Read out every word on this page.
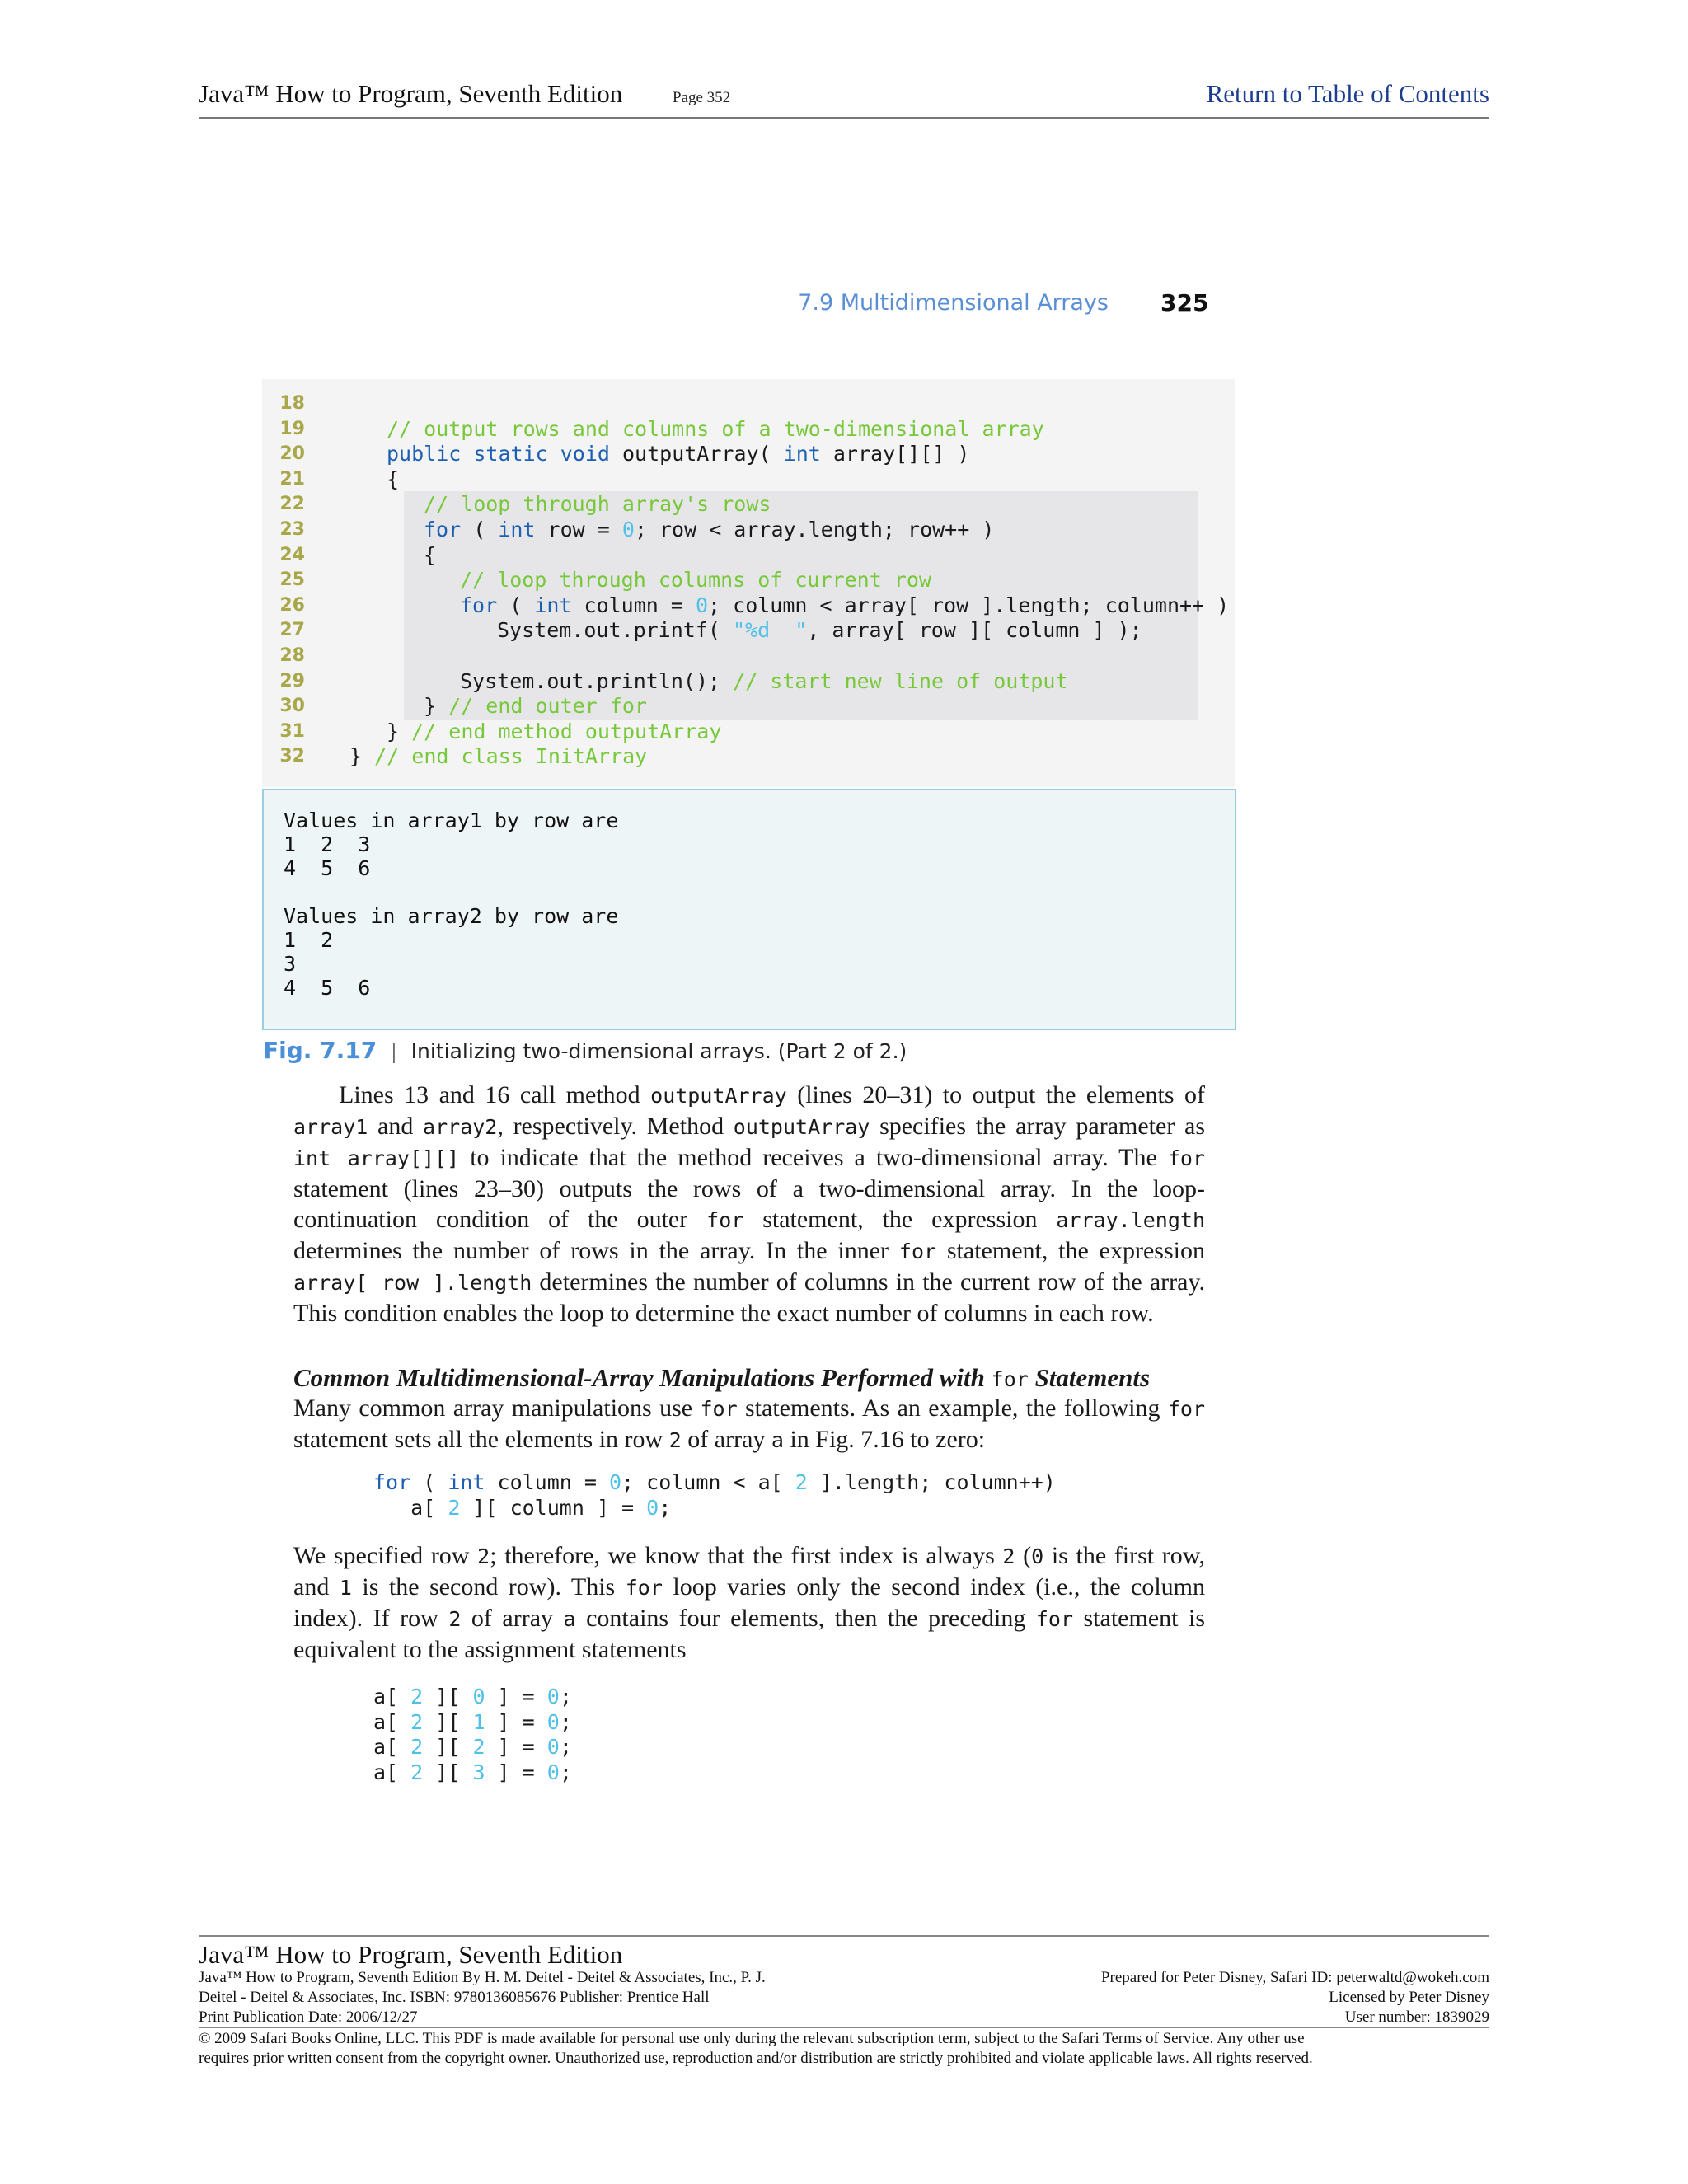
Java™ How to Program, Seventh Edition	Page 352	Return to Table of Contents
7.9 Multidimensional Arrays 325
18
19	// output rows and columns of a two-dimensional array
20	public static void outputArray( int array[][] )
21	{
22	// loop through array's rows
23	for ( int row = 0; row < array.length; row++ )
24	{
25	// loop through columns of current row
26	for ( int column = 0; column < array[ row ].length; column++ )
27	System.out.printf( "%d  ", array[ row ][ column ] );
28
29	System.out.println(); // start new line of output
30	} // end outer for
31	} // end method outputArray
32 } // end class InitArray
Values in array1 by row are
1  2  3
4  5  6
Values in array2 by row are
1  2
3
4  5  6
Fig. 7.17 | Initializing two-dimensional arrays. (Part 2 of 2.)
Lines 13 and 16 call method outputArray (lines 20–31) to output the elements of array1 and array2, respectively. Method outputArray specifies the array parameter as int array[][] to indicate that the method receives a two-dimensional array. The for statement (lines 23–30) outputs the rows of a two-dimensional array. In the loop-continuation condition of the outer for statement, the expression array.length determines the number of rows in the array. In the inner for statement, the expression array[ row ].length determines the number of columns in the current row of the array. This condition enables the loop to determine the exact number of columns in each row.
Common Multidimensional-Array Manipulations Performed with for Statements
Many common array manipulations use for statements. As an example, the following for statement sets all the elements in row 2 of array a in Fig. 7.16 to zero:
for ( int column = 0; column < a[ 2 ].length; column++)
a[ 2 ][ column ] = 0;
We specified row 2; therefore, we know that the first index is always 2 (0 is the first row, and 1 is the second row). This for loop varies only the second index (i.e., the column index). If row 2 of array a contains four elements, then the preceding for statement is equivalent to the assignment statements
a[ 2 ][ 0 ] = 0;
a[ 2 ][ 1 ] = 0;
a[ 2 ][ 2 ] = 0;
a[ 2 ][ 3 ] = 0;
Java™ How to Program, Seventh Edition
Java™ How to Program, Seventh Edition By H. M. Deitel - Deitel & Associates, Inc., P. J.
Deitel - Deitel & Associates, Inc. ISBN: 9780136085676 Publisher: Prentice Hall
Print Publication Date: 2006/12/27
Prepared for Peter Disney, Safari ID: peterwaltd@wokeh.com
Licensed by Peter Disney
User number: 1839029
© 2009 Safari Books Online, LLC. This PDF is made available for personal use only during the relevant subscription term, subject to the Safari Terms of Service. Any other use
requires prior written consent from the copyright owner. Unauthorized use, reproduction and/or distribution are strictly prohibited and violate applicable laws. All rights reserved.
